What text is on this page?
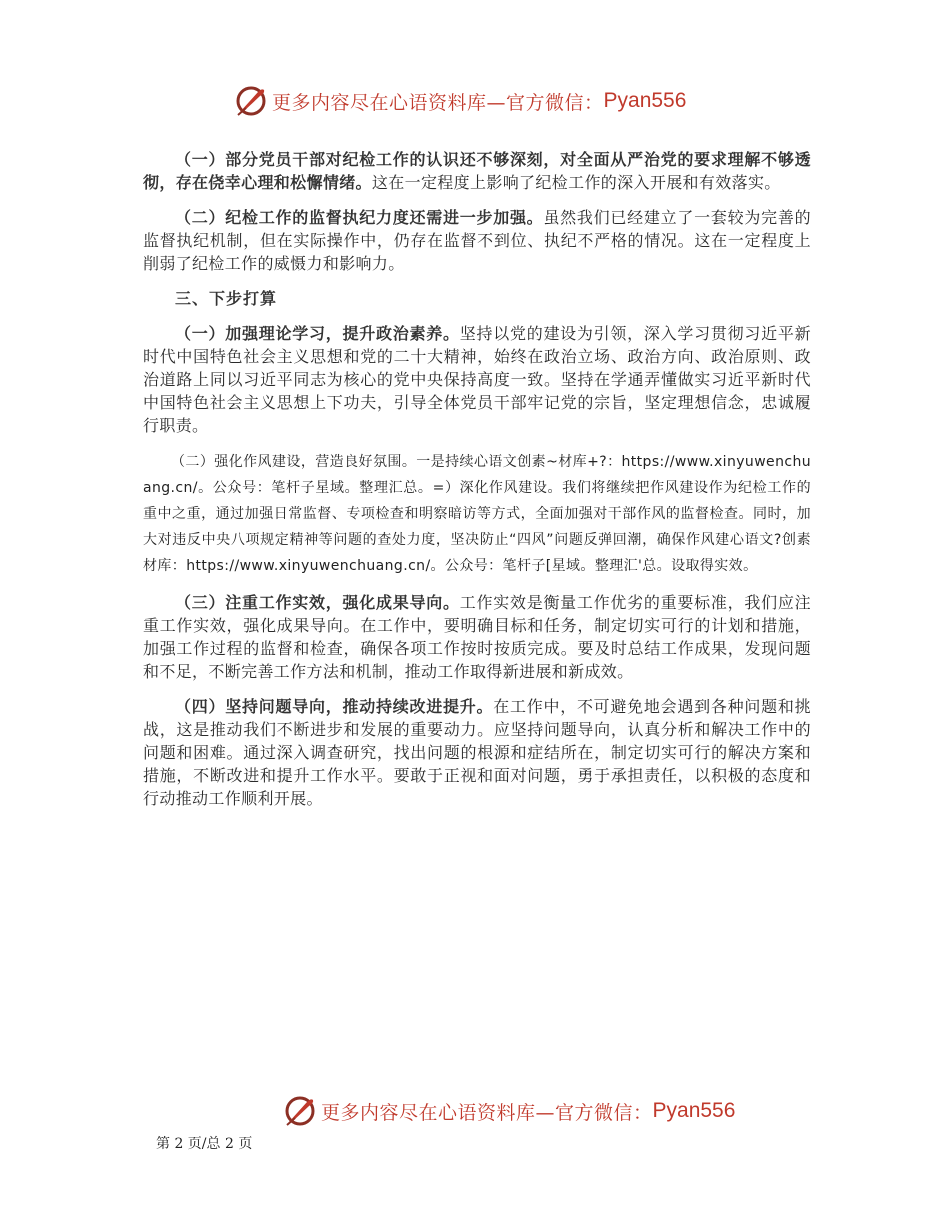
更多内容尽在心语资料库—官方微信： Pyan556

（一）部分党员干部对纪检工作的认识还不够深刻，对全面从严治党的要求理解不够透彻，存在侥幸心理和松懈情绪。这在一定程度上影响了纪检工作的深入开展和有效落实。

（二）纪检工作的监督执纪力度还需进一步加强。虽然我们已经建立了一套较为完善的监督执纪机制，但在实际操作中，仍存在监督不到位、执纪不严格的情况。这在一定程度上削弱了纪检工作的威慑力和影响力。

三、下步打算

（一）加强理论学习，提升政治素养。坚持以党的建设为引领，深入学习贯彻习近平新时代中国特色社会主义思想和党的二十大精神，始终在政治立场、政治方向、政治原则、政治道路上同以习近平同志为核心的党中央保持高度一致。坚持在学通弄懂做实习近平新时代中国特色社会主义思想上下功夫，引导全体党员干部牢记党的宗旨，坚定理想信念，忠诚履行职责。

（二）强化作风建设，营造良好氛围。一是持续心语文创素~材库+?：https://www.xinyuwenchuang.cn/。公众号：笔杆子星域。整理汇总。=）深化作风建设。我们将继续把作风建设作为纪检工作的重中之重，通过加强日常监督、专项检查和明察暗访等方式，全面加强对干部作风的监督检查。同时，加大对违反中央八项规定精神等问题的查处力度，坚决防止“四风”问题反弹回潮，确保作风建心语文?创素材库：https://www.xinyuwenchuang.cn/。公众号：笔杆子[星域。整理汇'总。设取得实效。

（三）注重工作实效，强化成果导向。工作实效是衡量工作优劣的重要标准，我们应注重工作实效，强化成果导向。在工作中，要明确目标和任务，制定切实可行的计划和措施，加强工作过程的监督和检查，确保各项工作按时按质完成。要及时总结工作成果，发现问题和不足，不断完善工作方法和机制，推动工作取得新进展和新成效。

（四）坚持问题导向，推动持续改进提升。在工作中，不可避免地会遇到各种问题和挑战，这是推动我们不断进步和发展的重要动力。应坚持问题导向，认真分析和解决工作中的问题和困难。通过深入调查研究，找出问题的根源和症结所在，制定切实可行的解决方案和措施，不断改进和提升工作水平。要敢于正视和面对问题，勇于承担责任，以积极的态度和行动推动工作顺利开展。

更多内容尽在心语资料库—官方微信： Pyan556
第 2 页/总 2 页
